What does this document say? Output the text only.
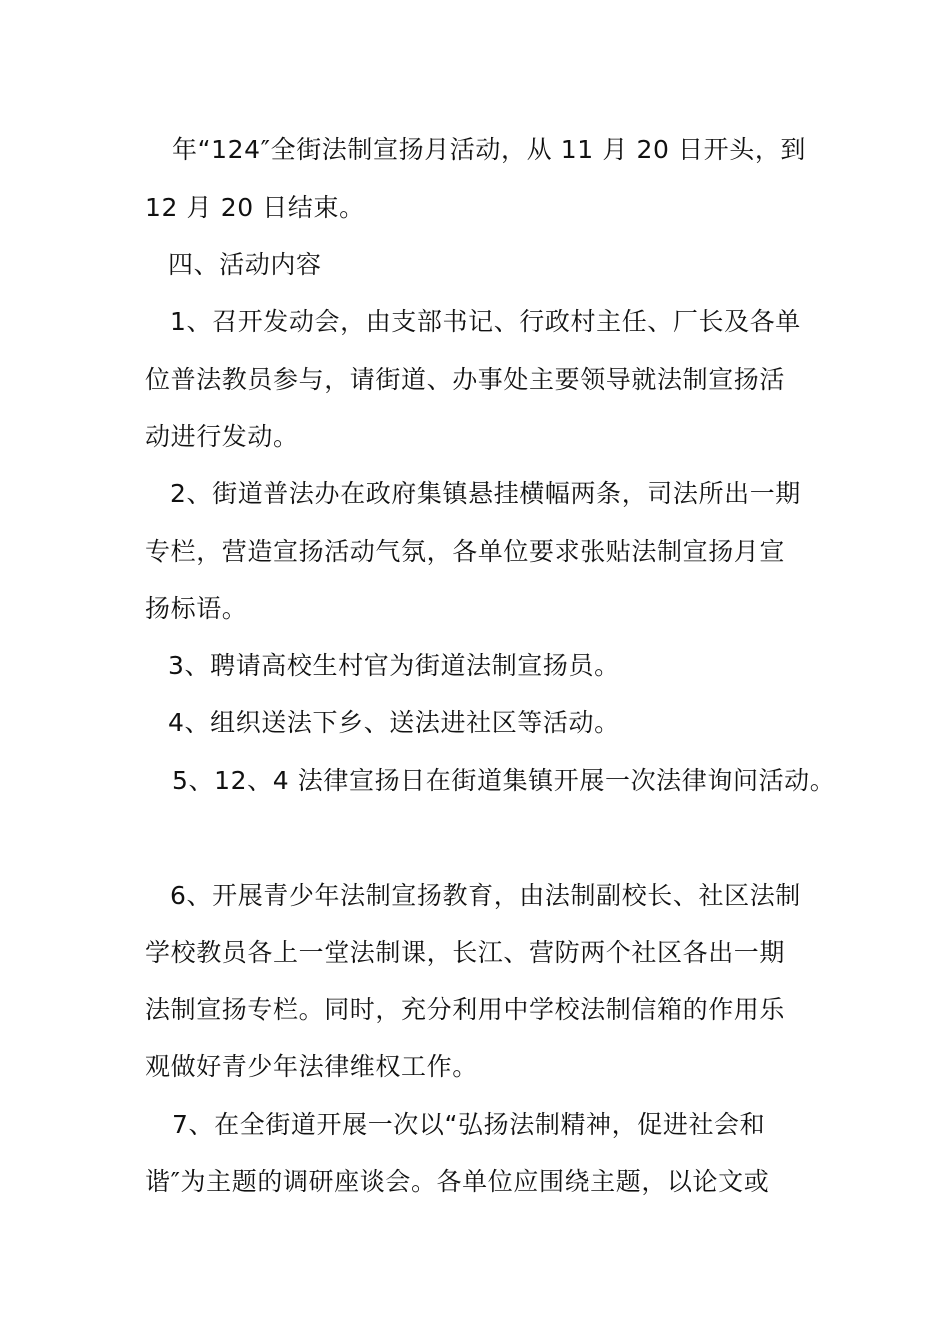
年“124″全街法制宣扬月活动，从 11 月 20 日开头，到
12 月 20 日结束。
四、活动内容
1、召开发动会，由支部书记、行政村主任、厂长及各单
位普法教员参与，请街道、办事处主要领导就法制宣扬活
动进行发动。
2、街道普法办在政府集镇悬挂横幅两条，司法所出一期
专栏，营造宣扬活动气氛，各单位要求张贴法制宣扬月宣
扬标语。
3、聘请高校生村官为街道法制宣扬员。
4、组织送法下乡、送法进社区等活动。
5、12、4 法律宣扬日在街道集镇开展一次法律询问活动。
6、开展青少年法制宣扬教育，由法制副校长、社区法制
学校教员各上一堂法制课，长江、营防两个社区各出一期
法制宣扬专栏。同时，充分利用中学校法制信箱的作用乐
观做好青少年法律维权工作。
7、在全街道开展一次以“弘扬法制精神，促进社会和
谐″为主题的调研座谈会。各单位应围绕主题，以论文或
